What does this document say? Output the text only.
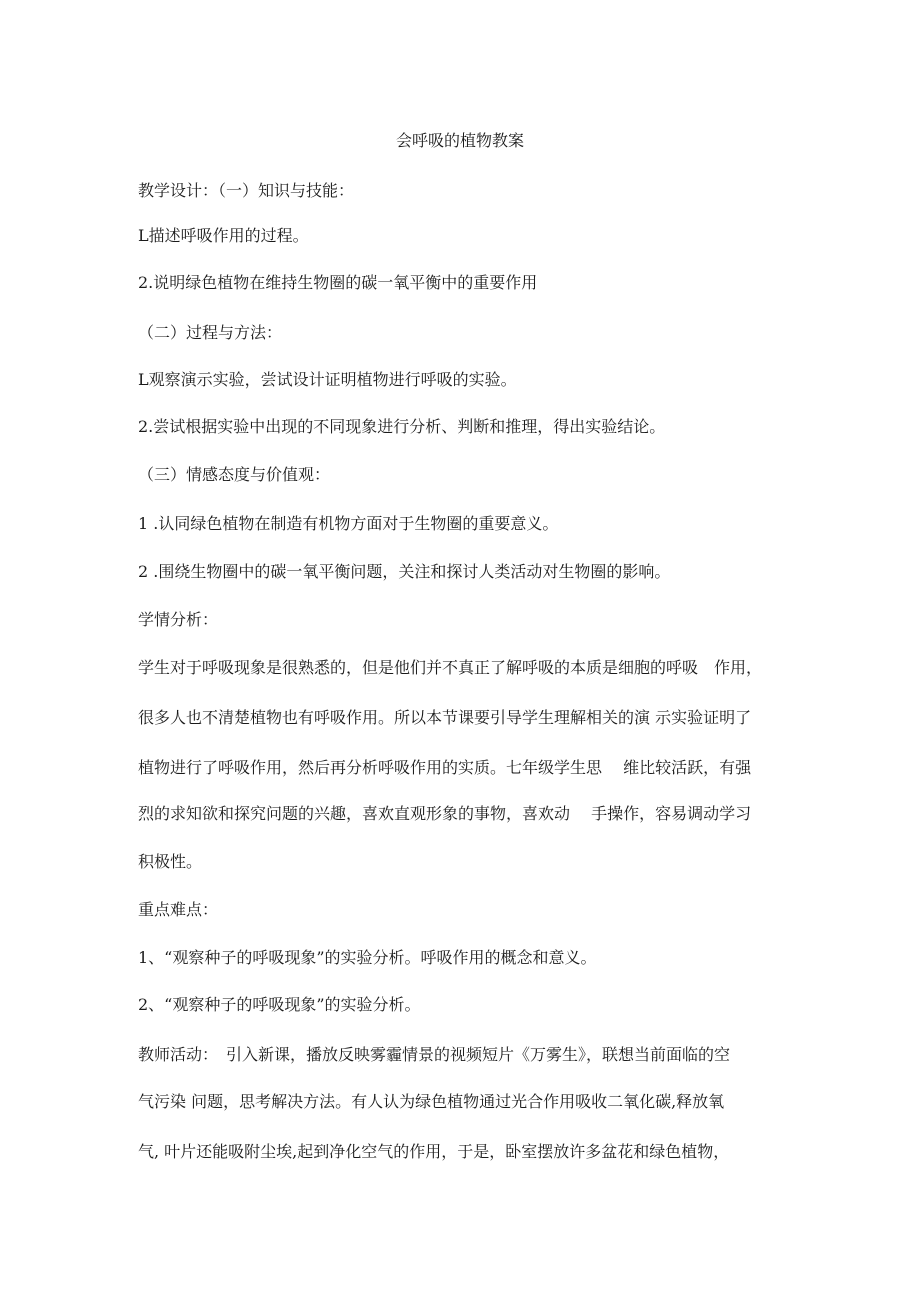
会呼吸的植物教案
教学设计：（一）知识与技能：
L描述呼吸作用的过程。
2.说明绿色植物在维持生物圈的碳一氧平衡中的重要作用
（二）过程与方法：
L观察演示实验，尝试设计证明植物进行呼吸的实验。
2.尝试根据实验中出现的不同现象进行分析、判断和推理，得出实验结论。
（三）情感态度与价值观：
1 .认同绿色植物在制造有机物方面对于生物圈的重要意义。
2 .围绕生物圈中的碳一氧平衡问题，关注和探讨人类活动对生物圈的影响。
学情分析：
学生对于呼吸现象是很熟悉的，但是他们并不真正了解呼吸的本质是细胞的呼吸　作用，
很多人也不清楚植物也有呼吸作用。所以本节课要引导学生理解相关的演 示实验证明了
植物进行了呼吸作用，然后再分析呼吸作用的实质。七年级学生思　 维比较活跃，有强
烈的求知欲和探究问题的兴趣，喜欢直观形象的事物，喜欢动　 手操作，容易调动学习
积极性。
重点难点：
1、“观察种子的呼吸现象”的实验分析。呼吸作用的概念和意义。
2、“观察种子的呼吸现象”的实验分析。
教师活动：　引入新课，播放反映雾霾情景的视频短片《万雾生》，联想当前面临的空
气污染 问题，思考解决方法。有人认为绿色植物通过光合作用吸收二氧化碳,释放氧
气, 叶片还能吸附尘埃,起到净化空气的作用，于是，卧室摆放许多盆花和绿色植物，
